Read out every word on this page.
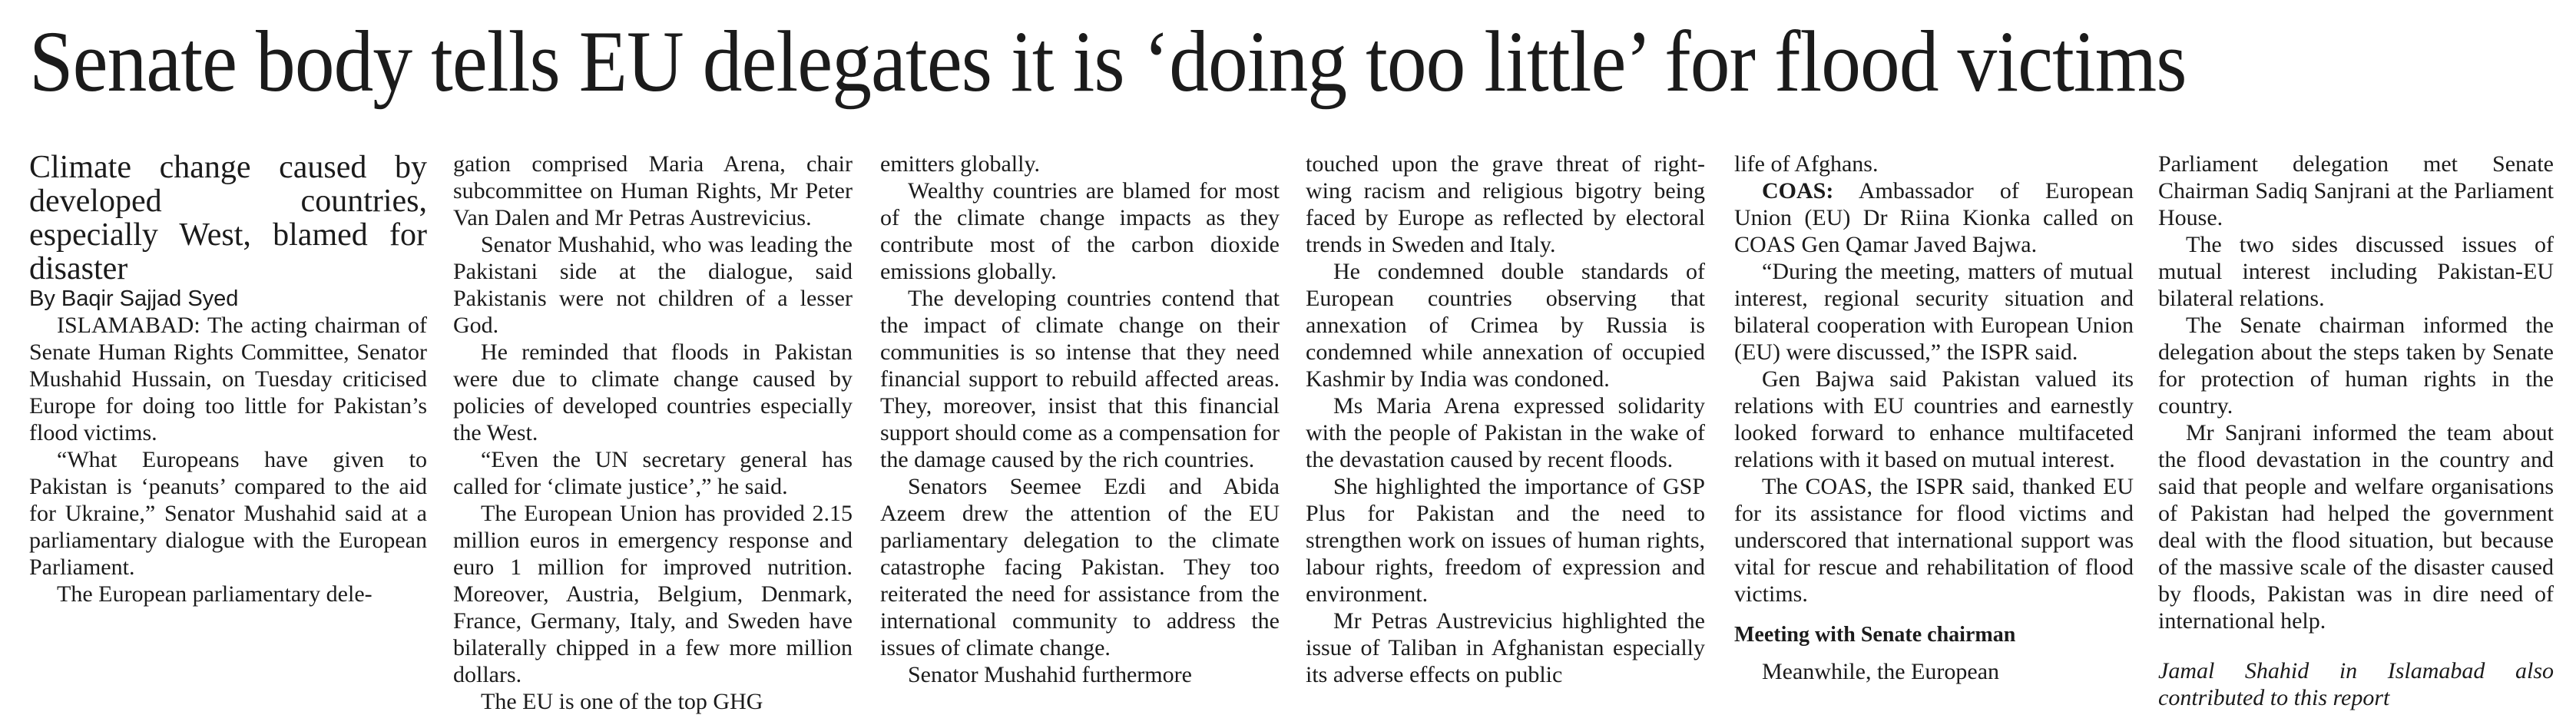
Senate body tells EU delegates it is ‘doing too little’ for flood victims

Climate change caused by developed countries, especially West, blamed for disaster

By Baqir Sajjad Syed

ISLAMABAD: The acting chairman of Senate Human Rights Committee, Senator Mushahid Hussain, on Tuesday criticised Europe for doing too little for Pakistan’s flood victims.

“What Europeans have given to Pakistan is ‘peanuts’ compared to the aid for Ukraine,” Senator Mushahid said at a parliamentary dialogue with the European Parliament.

The European parliamentary dele-

gation comprised Maria Arena, chair subcommittee on Human Rights, Mr Peter Van Dalen and Mr Petras Austrevicius.

Senator Mushahid, who was leading the Pakistani side at the dialogue, said Pakistanis were not children of a lesser God.

He reminded that floods in Pakistan were due to climate change caused by policies of developed countries especially the West.

“Even the UN secretary general has called for ‘climate justice’,” he said.

The European Union has provided 2.15 million euros in emergency response and euro 1 million for improved nutrition. Moreover, Austria, Belgium, Denmark, France, Germany, Italy, and Sweden have bilaterally chipped in a few more million dollars.

The EU is one of the top GHG

emitters globally.

Wealthy countries are blamed for most of the climate change impacts as they contribute most of the carbon dioxide emissions globally.

The developing countries contend that the impact of climate change on their communities is so intense that they need financial support to rebuild affected areas. They, moreover, insist that this financial support should come as a compensation for the damage caused by the rich countries.

Senators Seemee Ezdi and Abida Azeem drew the attention of the EU parliamentary delegation to the climate catastrophe facing Pakistan. They too reiterated the need for assistance from the international community to address the issues of climate change.

Senator Mushahid furthermore

touched upon the grave threat of right-wing racism and religious bigotry being faced by Europe as reflected by electoral trends in Sweden and Italy.

He condemned double standards of European countries observing that annexation of Crimea by Russia is condemned while annexation of occupied Kashmir by India was condoned.

Ms Maria Arena expressed solidarity with the people of Pakistan in the wake of the devastation caused by recent floods.

She highlighted the importance of GSP Plus for Pakistan and the need to strengthen work on issues of human rights, labour rights, freedom of expression and environment.

Mr Petras Austrevicius highlighted the issue of Taliban in Afghanistan especially its adverse effects on public

life of Afghans.

COAS: Ambassador of European Union (EU) Dr Riina Kionka called on COAS Gen Qamar Javed Bajwa.

“During the meeting, matters of mutual interest, regional security situation and bilateral cooperation with European Union (EU) were discussed,” the ISPR said.

Gen Bajwa said Pakistan valued its relations with EU countries and earnestly looked forward to enhance multifaceted relations with it based on mutual interest.

The COAS, the ISPR said, thanked EU for its assistance for flood victims and underscored that international support was vital for rescue and rehabilitation of flood victims.

Meeting with Senate chairman

Meanwhile, the European

Parliament delegation met Senate Chairman Sadiq Sanjrani at the Parliament House.

The two sides discussed issues of mutual interest including Pakistan-EU bilateral relations.

The Senate chairman informed the delegation about the steps taken by Senate for protection of human rights in the country.

Mr Sanjrani informed the team about the flood devastation in the country and said that people and welfare organisations of Pakistan had helped the government deal with the flood situation, but because of the massive scale of the disaster caused by floods, Pakistan was in dire need of international help.

Jamal Shahid in Islamabad also contributed to this report
